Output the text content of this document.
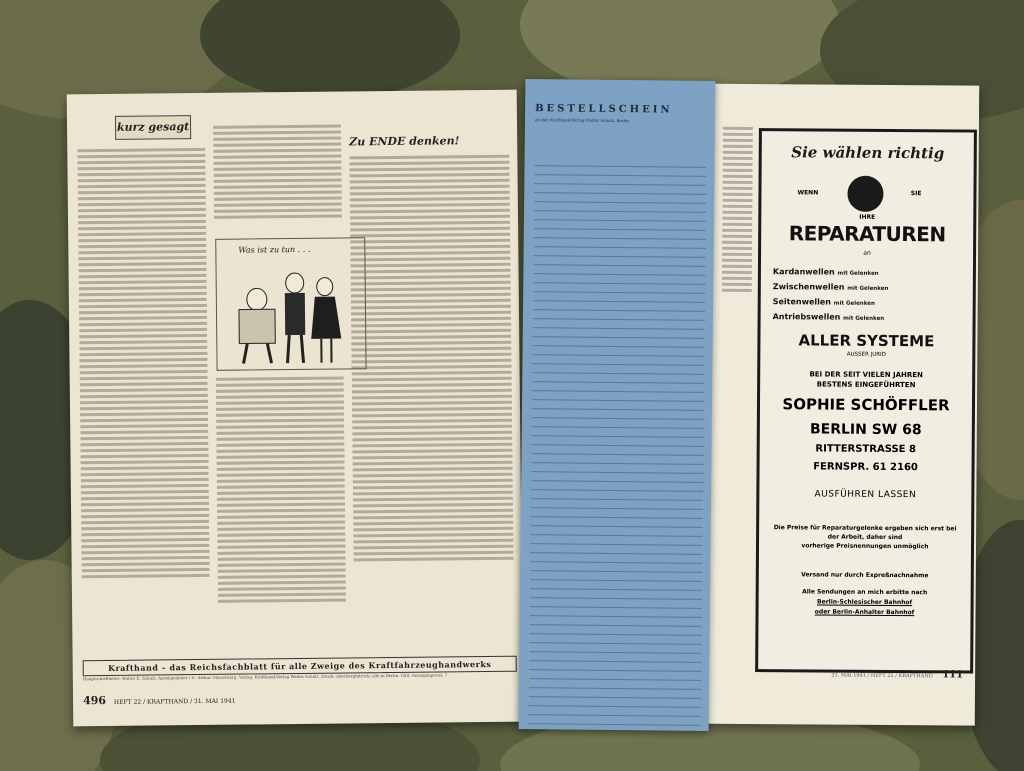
kurz gesagt
Zu ENDE denken!
Was ist zu tun . . .
Krafthand – das Reichsfachblatt für alle Zweige des Kraftfahrzeughandwerks
Hauptschriftleiter: Walter E. Schulz. Anzeigenleiter i.V.: Arthur Günzerberg. Verlag: Krafthand-Verlag Walter Schulz. Druck: Aderberghdruck; alle in Berlin. Gült. Anzeigenpreisl. 7
496 HEFT 22 / KRAFTHAND / 31. MAI 1941
Sie wählen richtig
WENN	SIE
IHRE
REPARATUREN
an
Kardanwellen mit Gelenken
Zwischenwellen mit Gelenken
Seitenwellen mit Gelenken
Antriebswellen mit Gelenken
ALLER SYSTEME
AUSSER JURID
BEI DER SEIT VIELEN JAHREN
BESTENS EINGEFÜHRTEN
SOPHIE SCHÖFFLER
BERLIN SW 68
RITTERSTRASSE 8
FERNSPR. 61 2160
AUSFÜHREN LASSEN
Die Preise für Reparaturgelenke ergeben sich erst bei der Arbeit, daher sind
vorherige Preisnennungen unmöglich
Versand nur durch Expreßnachnahme
Alle Sendungen an mich erbitte nach
Berlin-Schlesischer Bahnhof
oder Berlin-Anhalter Bahnhof
31. MAI 1941 / HEFT 22 / KRAFTHAND 111
BESTELLSCHEIN
an den Krafthand-Verlag Walter Schulz, Berlin
